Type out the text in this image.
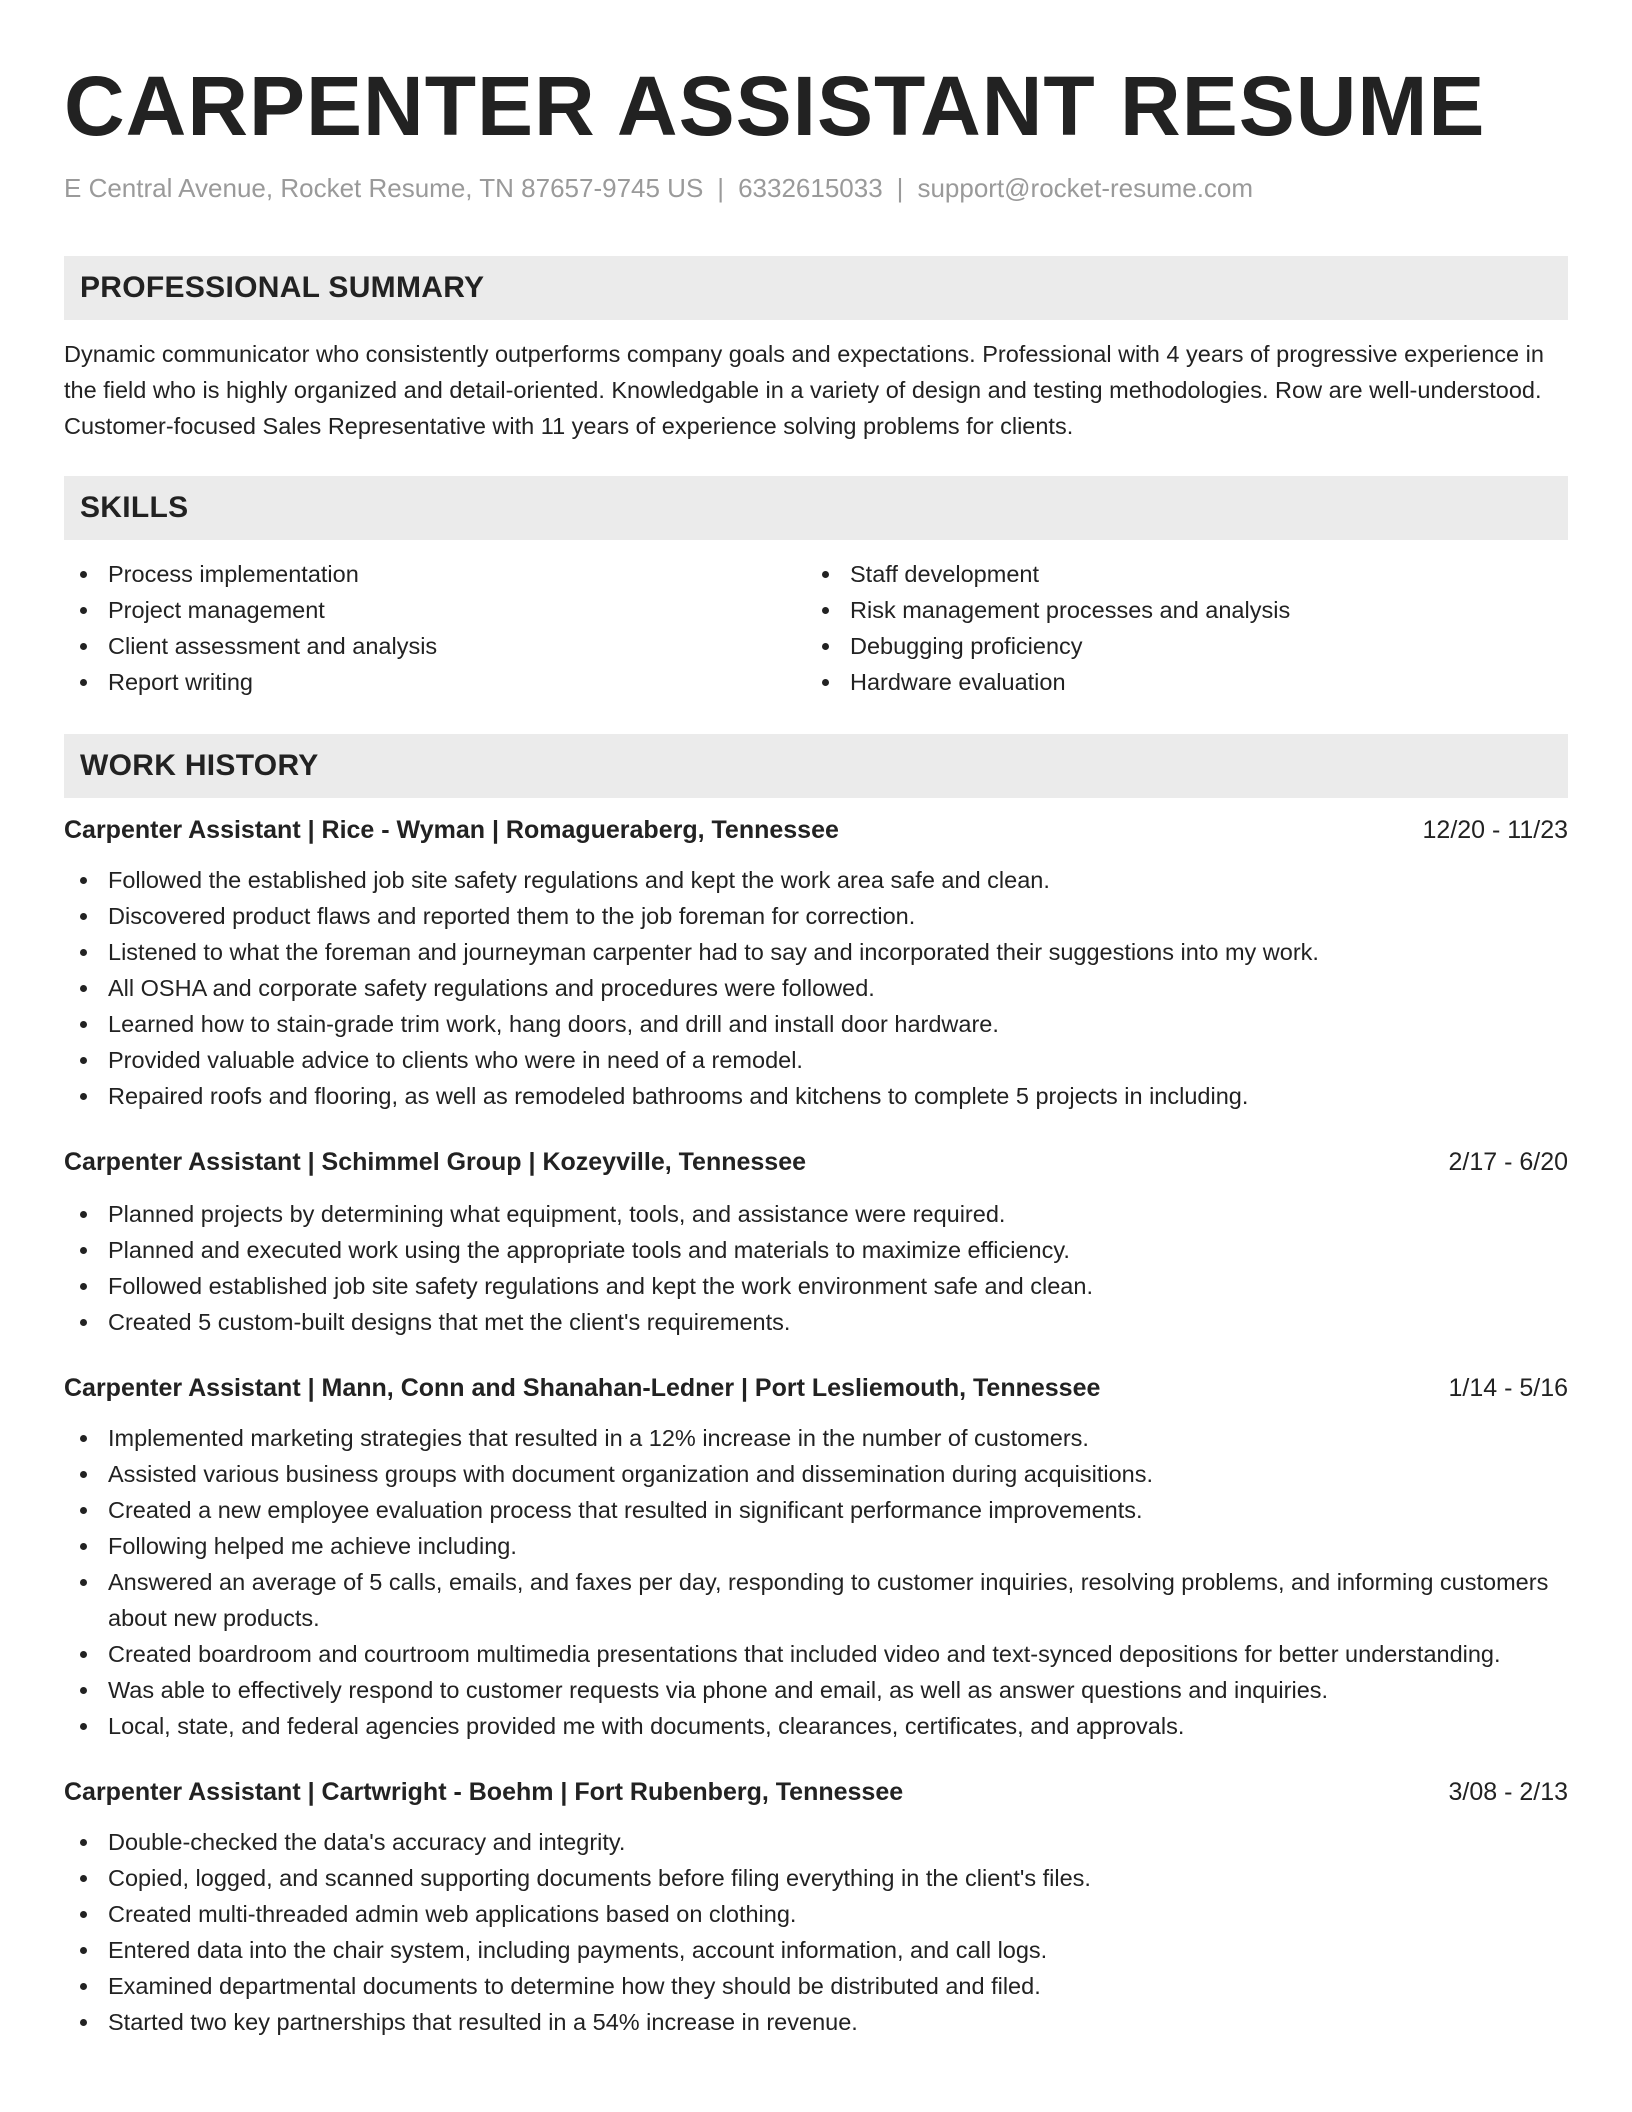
CARPENTER ASSISTANT RESUME
E Central Avenue, Rocket Resume, TN 87657-9745 US | 6332615033 | support@rocket-resume.com
PROFESSIONAL SUMMARY
Dynamic communicator who consistently outperforms company goals and expectations. Professional with 4 years of progressive experience in the field who is highly organized and detail-oriented. Knowledgable in a variety of design and testing methodologies. Row are well-understood. Customer-focused Sales Representative with 11 years of experience solving problems for clients.
SKILLS
Process implementation
Project management
Client assessment and analysis
Report writing
Staff development
Risk management processes and analysis
Debugging proficiency
Hardware evaluation
WORK HISTORY
Carpenter Assistant | Rice - Wyman | Romagueraberg, Tennessee	12/20 - 11/23
Followed the established job site safety regulations and kept the work area safe and clean.
Discovered product flaws and reported them to the job foreman for correction.
Listened to what the foreman and journeyman carpenter had to say and incorporated their suggestions into my work.
All OSHA and corporate safety regulations and procedures were followed.
Learned how to stain-grade trim work, hang doors, and drill and install door hardware.
Provided valuable advice to clients who were in need of a remodel.
Repaired roofs and flooring, as well as remodeled bathrooms and kitchens to complete 5 projects in including.
Carpenter Assistant | Schimmel Group | Kozeyville, Tennessee	2/17 - 6/20
Planned projects by determining what equipment, tools, and assistance were required.
Planned and executed work using the appropriate tools and materials to maximize efficiency.
Followed established job site safety regulations and kept the work environment safe and clean.
Created 5 custom-built designs that met the client's requirements.
Carpenter Assistant | Mann, Conn and Shanahan-Ledner | Port Lesliemouth, Tennessee	1/14 - 5/16
Implemented marketing strategies that resulted in a 12% increase in the number of customers.
Assisted various business groups with document organization and dissemination during acquisitions.
Created a new employee evaluation process that resulted in significant performance improvements.
Following helped me achieve including.
Answered an average of 5 calls, emails, and faxes per day, responding to customer inquiries, resolving problems, and informing customers about new products.
Created boardroom and courtroom multimedia presentations that included video and text-synced depositions for better understanding.
Was able to effectively respond to customer requests via phone and email, as well as answer questions and inquiries.
Local, state, and federal agencies provided me with documents, clearances, certificates, and approvals.
Carpenter Assistant | Cartwright - Boehm | Fort Rubenberg, Tennessee	3/08 - 2/13
Double-checked the data's accuracy and integrity.
Copied, logged, and scanned supporting documents before filing everything in the client's files.
Created multi-threaded admin web applications based on clothing.
Entered data into the chair system, including payments, account information, and call logs.
Examined departmental documents to determine how they should be distributed and filed.
Started two key partnerships that resulted in a 54% increase in revenue.
